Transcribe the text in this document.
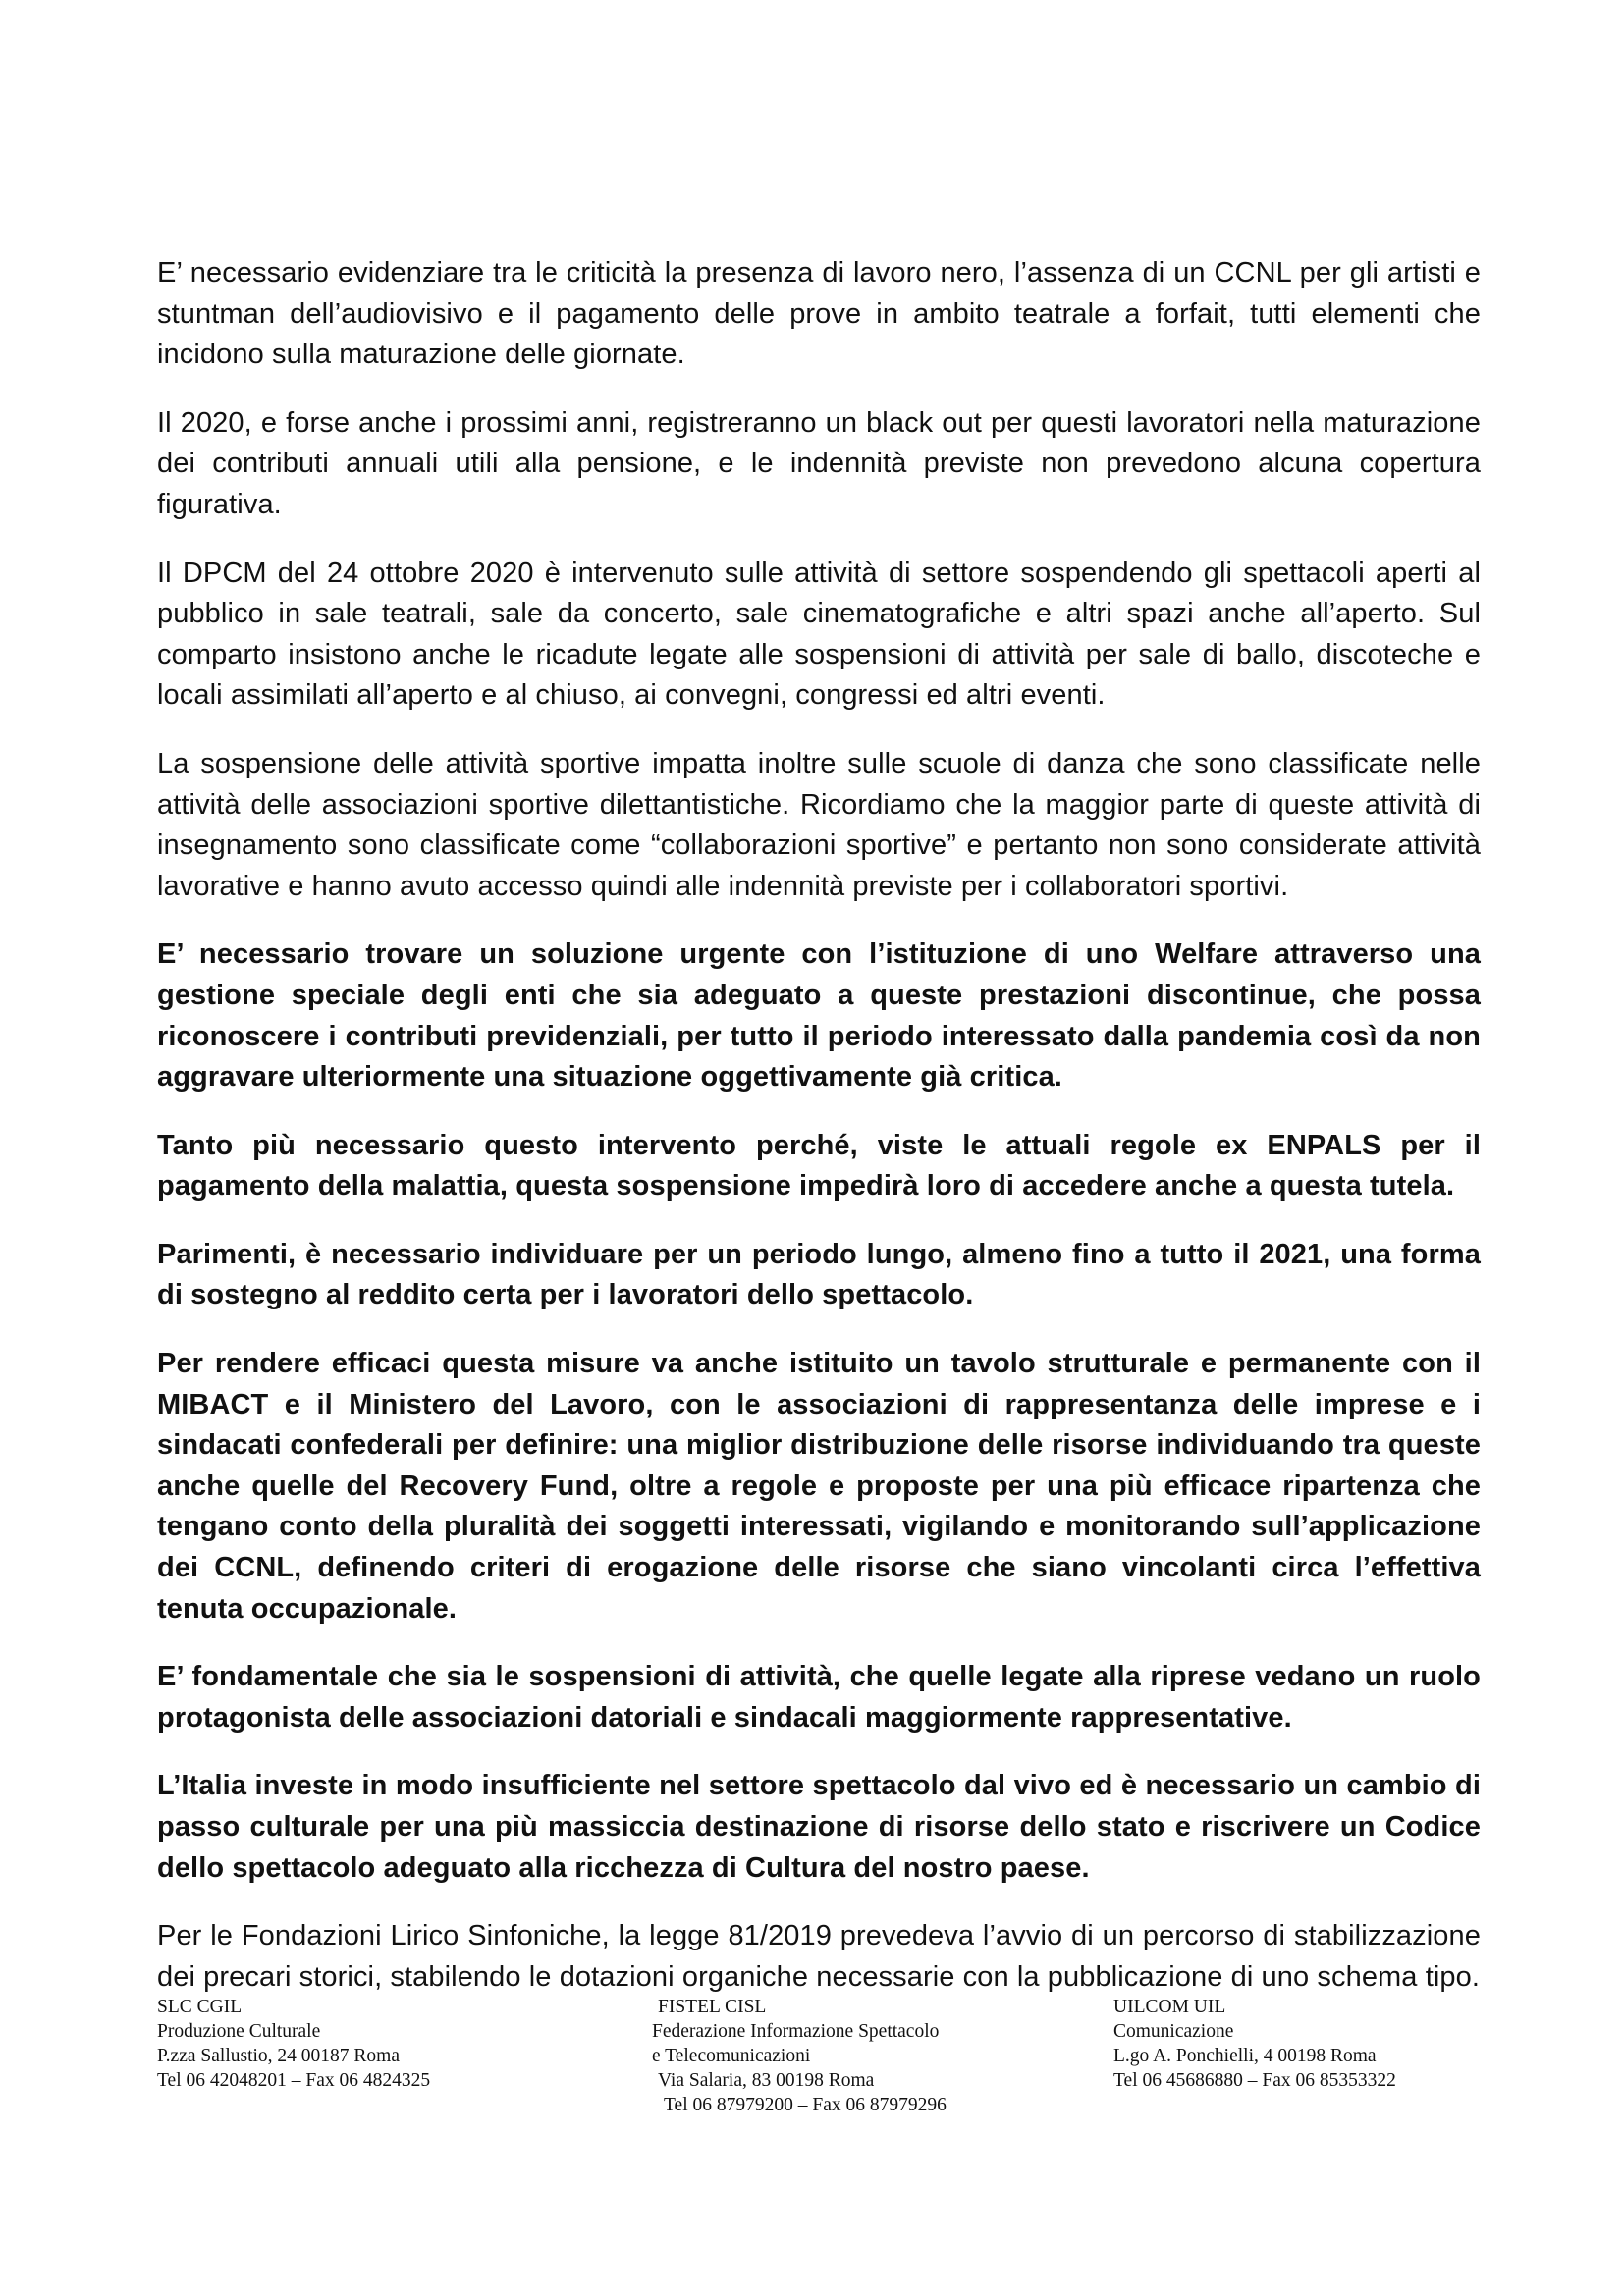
E’ necessario evidenziare tra le criticità la presenza di lavoro nero, l’assenza di un CCNL per gli artisti e stuntman dell’audiovisivo e il pagamento delle prove in ambito teatrale a forfait, tutti elementi che incidono sulla maturazione delle giornate.

Il 2020, e forse anche i prossimi anni, registreranno un black out per questi lavoratori nella maturazione dei contributi annuali utili alla pensione, e le indennità previste non prevedono alcuna copertura figurativa.

Il DPCM del 24 ottobre 2020 è intervenuto sulle attività di settore sospendendo gli spettacoli aperti al pubblico in sale teatrali, sale da concerto, sale cinematografiche e altri spazi anche all’aperto. Sul comparto insistono anche le ricadute legate alle sospensioni di attività per sale di ballo, discoteche e locali assimilati all’aperto e al chiuso, ai convegni, congressi ed altri eventi.

La sospensione delle attività sportive impatta inoltre sulle scuole di danza che sono classificate nelle attività delle associazioni sportive dilettantistiche. Ricordiamo che la maggior parte di queste attività di insegnamento sono classificate come “collaborazioni sportive” e pertanto non sono considerate attività lavorative e hanno avuto accesso quindi alle indennità previste per i collaboratori sportivi.

E’ necessario trovare un soluzione urgente con l’istituzione di uno Welfare attraverso una gestione speciale degli enti che sia adeguato a queste prestazioni discontinue, che possa riconoscere i contributi previdenziali, per tutto il periodo interessato dalla pandemia così da non aggravare ulteriormente una situazione oggettivamente già critica.

Tanto più necessario questo intervento perché, viste le attuali regole ex ENPALS per il pagamento della malattia, questa sospensione impedirà loro di accedere anche a questa tutela.

Parimenti, è necessario individuare per un periodo lungo, almeno fino a tutto il 2021, una forma di sostegno al reddito certa per i lavoratori dello spettacolo.

Per rendere efficaci questa misure va anche istituito un tavolo strutturale e permanente con il MIBACT e il Ministero del Lavoro, con le associazioni di rappresentanza delle imprese e i sindacati confederali per definire: una miglior distribuzione delle risorse individuando tra queste anche quelle del Recovery Fund, oltre a regole e proposte per una più efficace ripartenza che tengano conto della pluralità dei soggetti interessati, vigilando e monitorando sull’applicazione dei CCNL, definendo criteri di erogazione delle risorse che siano vincolanti circa l’effettiva tenuta occupazionale.

E’ fondamentale che sia le sospensioni di attività, che quelle legate alla riprese vedano un ruolo protagonista delle associazioni datoriali e sindacali maggiormente rappresentative.

L’Italia investe in modo insufficiente nel settore spettacolo dal vivo ed è necessario un cambio di passo culturale per una più massiccia destinazione di risorse dello stato e riscrivere un Codice dello spettacolo adeguato alla ricchezza di Cultura del nostro paese.

Per le Fondazioni Lirico Sinfoniche, la legge 81/2019 prevedeva l’avvio di un percorso di stabilizzazione dei precari storici, stabilendo le dotazioni organiche necessarie con la pubblicazione di uno schema tipo.

SLC CGIL
Produzione Culturale
P.zza Sallustio, 24 00187 Roma
Tel 06 42048201 – Fax 06 4824325
FISTEL CISL
Federazione Informazione Spettacolo
e Telecomunicazioni
Via Salaria, 83 00198 Roma
Tel 06 87979200 – Fax 06 87979296
UILCOM UIL
Comunicazione
L.go A. Ponchielli, 4 00198 Roma
Tel 06 45686880 – Fax 06 85353322
